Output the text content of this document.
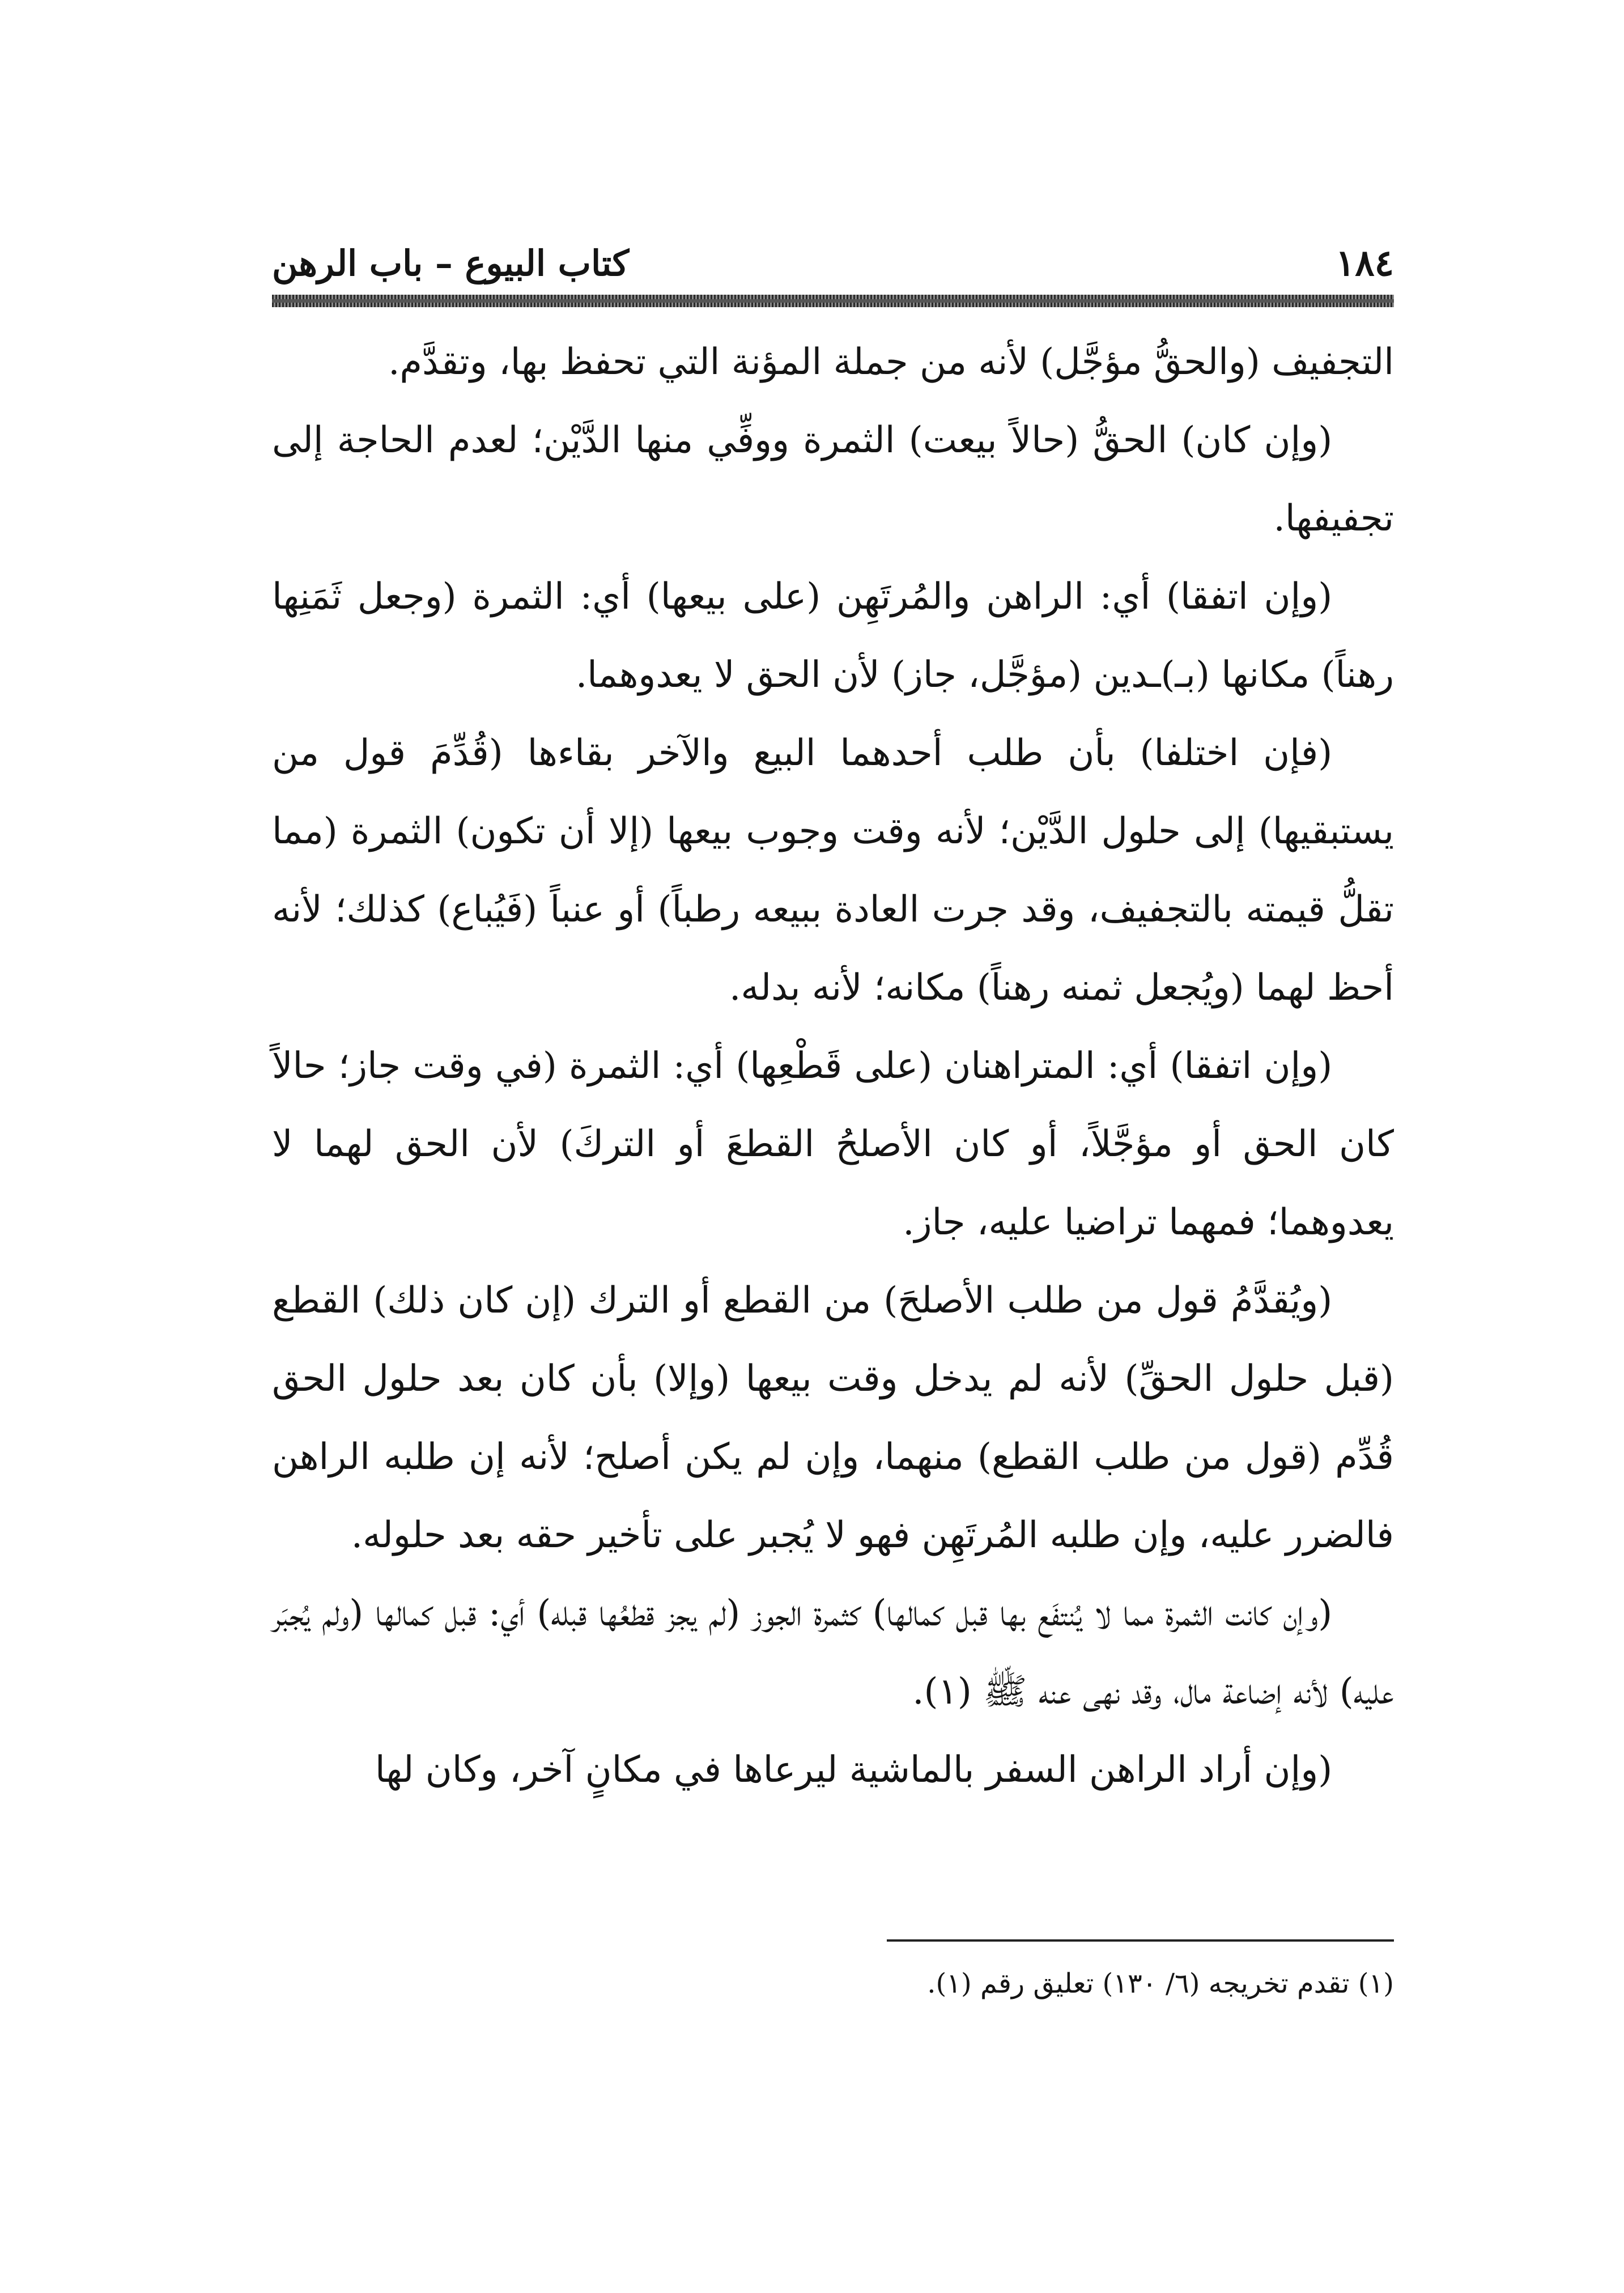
١٨٤
كتاب البيوع – باب الرهن

التجفيف (والحقُّ مؤجَّل) لأنه من جملة المؤنة التي تحفظ بها، وتقدَّم.

(وإن كان) الحقُّ (حالاً بيعت) الثمرة ووفِّي منها الدَّيْن؛ لعدم الحاجة إلى تجفيفها.

(وإن اتفقا) أي: الراهن والمُرتَهِن (على بيعها) أي: الثمرة (وجعل ثَمَنِها رهناً) مكانها (بـ)ـدين (مؤجَّل، جاز) لأن الحق لا يعدوهما.

(فإن اختلفا) بأن طلب أحدهما البيع والآخر بقاءها (قُدِّمَ قول من يستبقيها) إلى حلول الدَّيْن؛ لأنه وقت وجوب بيعها (إلا أن تكون) الثمرة (مما تقلُّ قيمته بالتجفيف، وقد جرت العادة ببيعه رطباً) أو عنباً (فَيُباع) كذلك؛ لأنه أحظ لهما (ويُجعل ثمنه رهناً) مكانه؛ لأنه بدله.

(وإن اتفقا) أي: المتراهنان (على قَطْعِها) أي: الثمرة (في وقت جاز؛ حالاً كان الحق أو مؤجَّلاً، أو كان الأصلحُ القطعَ أو التركَ) لأن الحق لهما لا يعدوهما؛ فمهما تراضيا عليه، جاز.

(ويُقدَّمُ قول من طلب الأصلحَ) من القطع أو الترك (إن كان ذلك) القطع (قبل حلول الحقِّ) لأنه لم يدخل وقت بيعها (وإلا) بأن كان بعد حلول الحق قُدِّم (قول من طلب القطع) منهما، وإن لم يكن أصلح؛ لأنه إن طلبه الراهن فالضرر عليه، وإن طلبه المُرتَهِن فهو لا يُجبر على تأخير حقه بعد حلوله.

(وإن كانت الثمرة مما لا يُنتفَع بها قبل كمالها) كثمرة الجوز (لم يجز قطعُها قبله) أي: قبل كمالها (ولم يُجبَر عليه) لأنه إضاعة مال، وقد نهى عنه ﷺ (١).

(وإن أراد الراهن السفر بالماشية ليرعاها في مكانٍ آخر، وكان لها

(١) تقدم تخريجه (٦/ ١٣٠) تعليق رقم (١).
